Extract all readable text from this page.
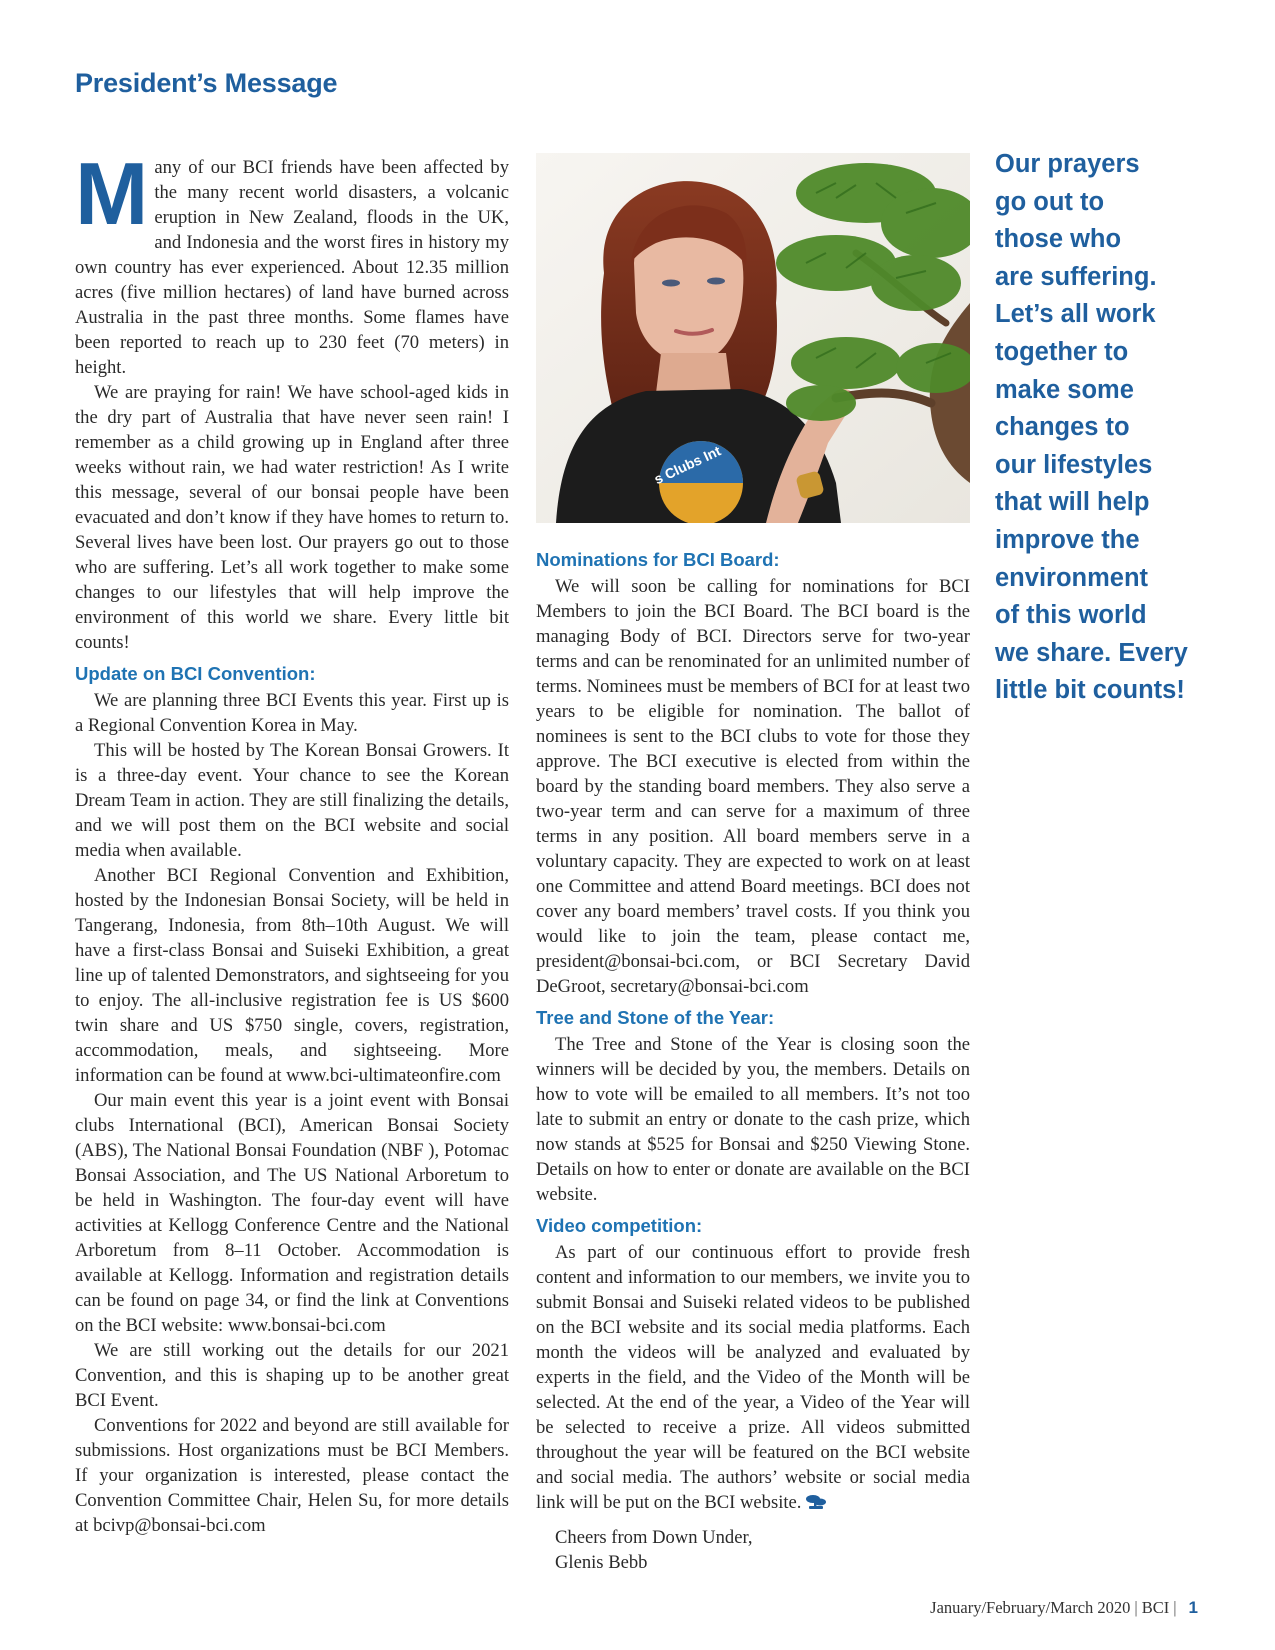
President’s Message

Many of our BCI friends have been affected by the many recent world disasters, a volcanic eruption in New Zealand, floods in the UK, and Indonesia and the worst fires in history my own country has ever experienced. About 12.35 million acres (five million hectares) of land have burned across Australia in the past three months. Some flames have been reported to reach up to 230 feet (70 meters) in height.

We are praying for rain! We have school-aged kids in the dry part of Australia that have never seen rain! I remember as a child growing up in England after three weeks without rain, we had water restriction! As I write this message, several of our bonsai people have been evacuated and don’t know if they have homes to return to. Several lives have been lost. Our prayers go out to those who are suffering. Let’s all work together to make some changes to our lifestyles that will help improve the environment of this world we share. Every little bit counts!

Update on BCI Convention:

We are planning three BCI Events this year. First up is a Regional Convention Korea in May.

This will be hosted by The Korean Bonsai Growers. It is a three-day event. Your chance to see the Korean Dream Team in action. They are still finalizing the details, and we will post them on the BCI website and social media when available.

Another BCI Regional Convention and Exhibition, hosted by the Indonesian Bonsai Society, will be held in Tangerang, Indonesia, from 8th–10th August. We will have a first-class Bonsai and Suiseki Exhibition, a great line up of talented Demonstrators, and sightseeing for you to enjoy. The all-inclusive registration fee is US $600 twin share and US $750 single, covers, registration, accommodation, meals, and sightseeing. More information can be found at www.bci-ultimateonfire.com

Our main event this year is a joint event with Bonsai clubs International (BCI), American Bonsai Society (ABS), The National Bonsai Foundation (NBF ), Potomac Bonsai Association, and The US National Arboretum to be held in Washington. The four-day event will have activities at Kellogg Conference Centre and the National Arboretum from 8–11 October. Accommodation is available at Kellogg. Information and registration details can be found on page 34, or find the link at Conventions on the BCI website: www.bonsai-bci.com

We are still working out the details for our 2021 Convention, and this is shaping up to be another great BCI Event.

Conventions for 2022 and beyond are still available for submissions. Host organizations must be BCI Members. If your organization is interested, please contact the Convention Committee Chair, Helen Su, for more details at bcivp@bonsai-bci.com

s Clubs Int
Nominations for BCI Board:

We will soon be calling for nominations for BCI Members to join the BCI Board. The BCI board is the managing Body of BCI. Directors serve for two-year terms and can be renominated for an unlimited number of terms. Nominees must be members of BCI for at least two years to be eligible for nomination. The ballot of nominees is sent to the BCI clubs to vote for those they approve. The BCI executive is elected from within the board by the standing board members. They also serve a two-year term and can serve for a maximum of three terms in any position. All board members serve in a voluntary capacity. They are expected to work on at least one Committee and attend Board meetings. BCI does not cover any board members’ travel costs. If you think you would like to join the team, please contact me, president@bonsai-bci.com, or BCI Secretary David DeGroot, secretary@bonsai-bci.com

Tree and Stone of the Year:

The Tree and Stone of the Year is closing soon the winners will be decided by you, the members. Details on how to vote will be emailed to all members. It’s not too late to submit an entry or donate to the cash prize, which now stands at $525 for Bonsai and $250 Viewing Stone. Details on how to enter or donate are available on the BCI website.

Video competition:

As part of our continuous effort to provide fresh content and information to our members, we invite you to submit Bonsai and Suiseki related videos to be published on the BCI website and its social media platforms. Each month the videos will be analyzed and evaluated by experts in the field, and the Video of the Month will be selected. At the end of the year, a Video of the Year will be selected to receive a prize. All videos submitted throughout the year will be featured on the BCI website and social media. The authors’ website or social media link will be put on the BCI website.

Cheers from Down Under,
Glenis Bebb
Our prayers
go out to
those who
are suffering.
Let’s all work
together to
make some
changes to
our lifestyles
that will help
improve the
environment
of this world
we share. Every
little bit counts!
January/February/March 2020 | BCI | 1
